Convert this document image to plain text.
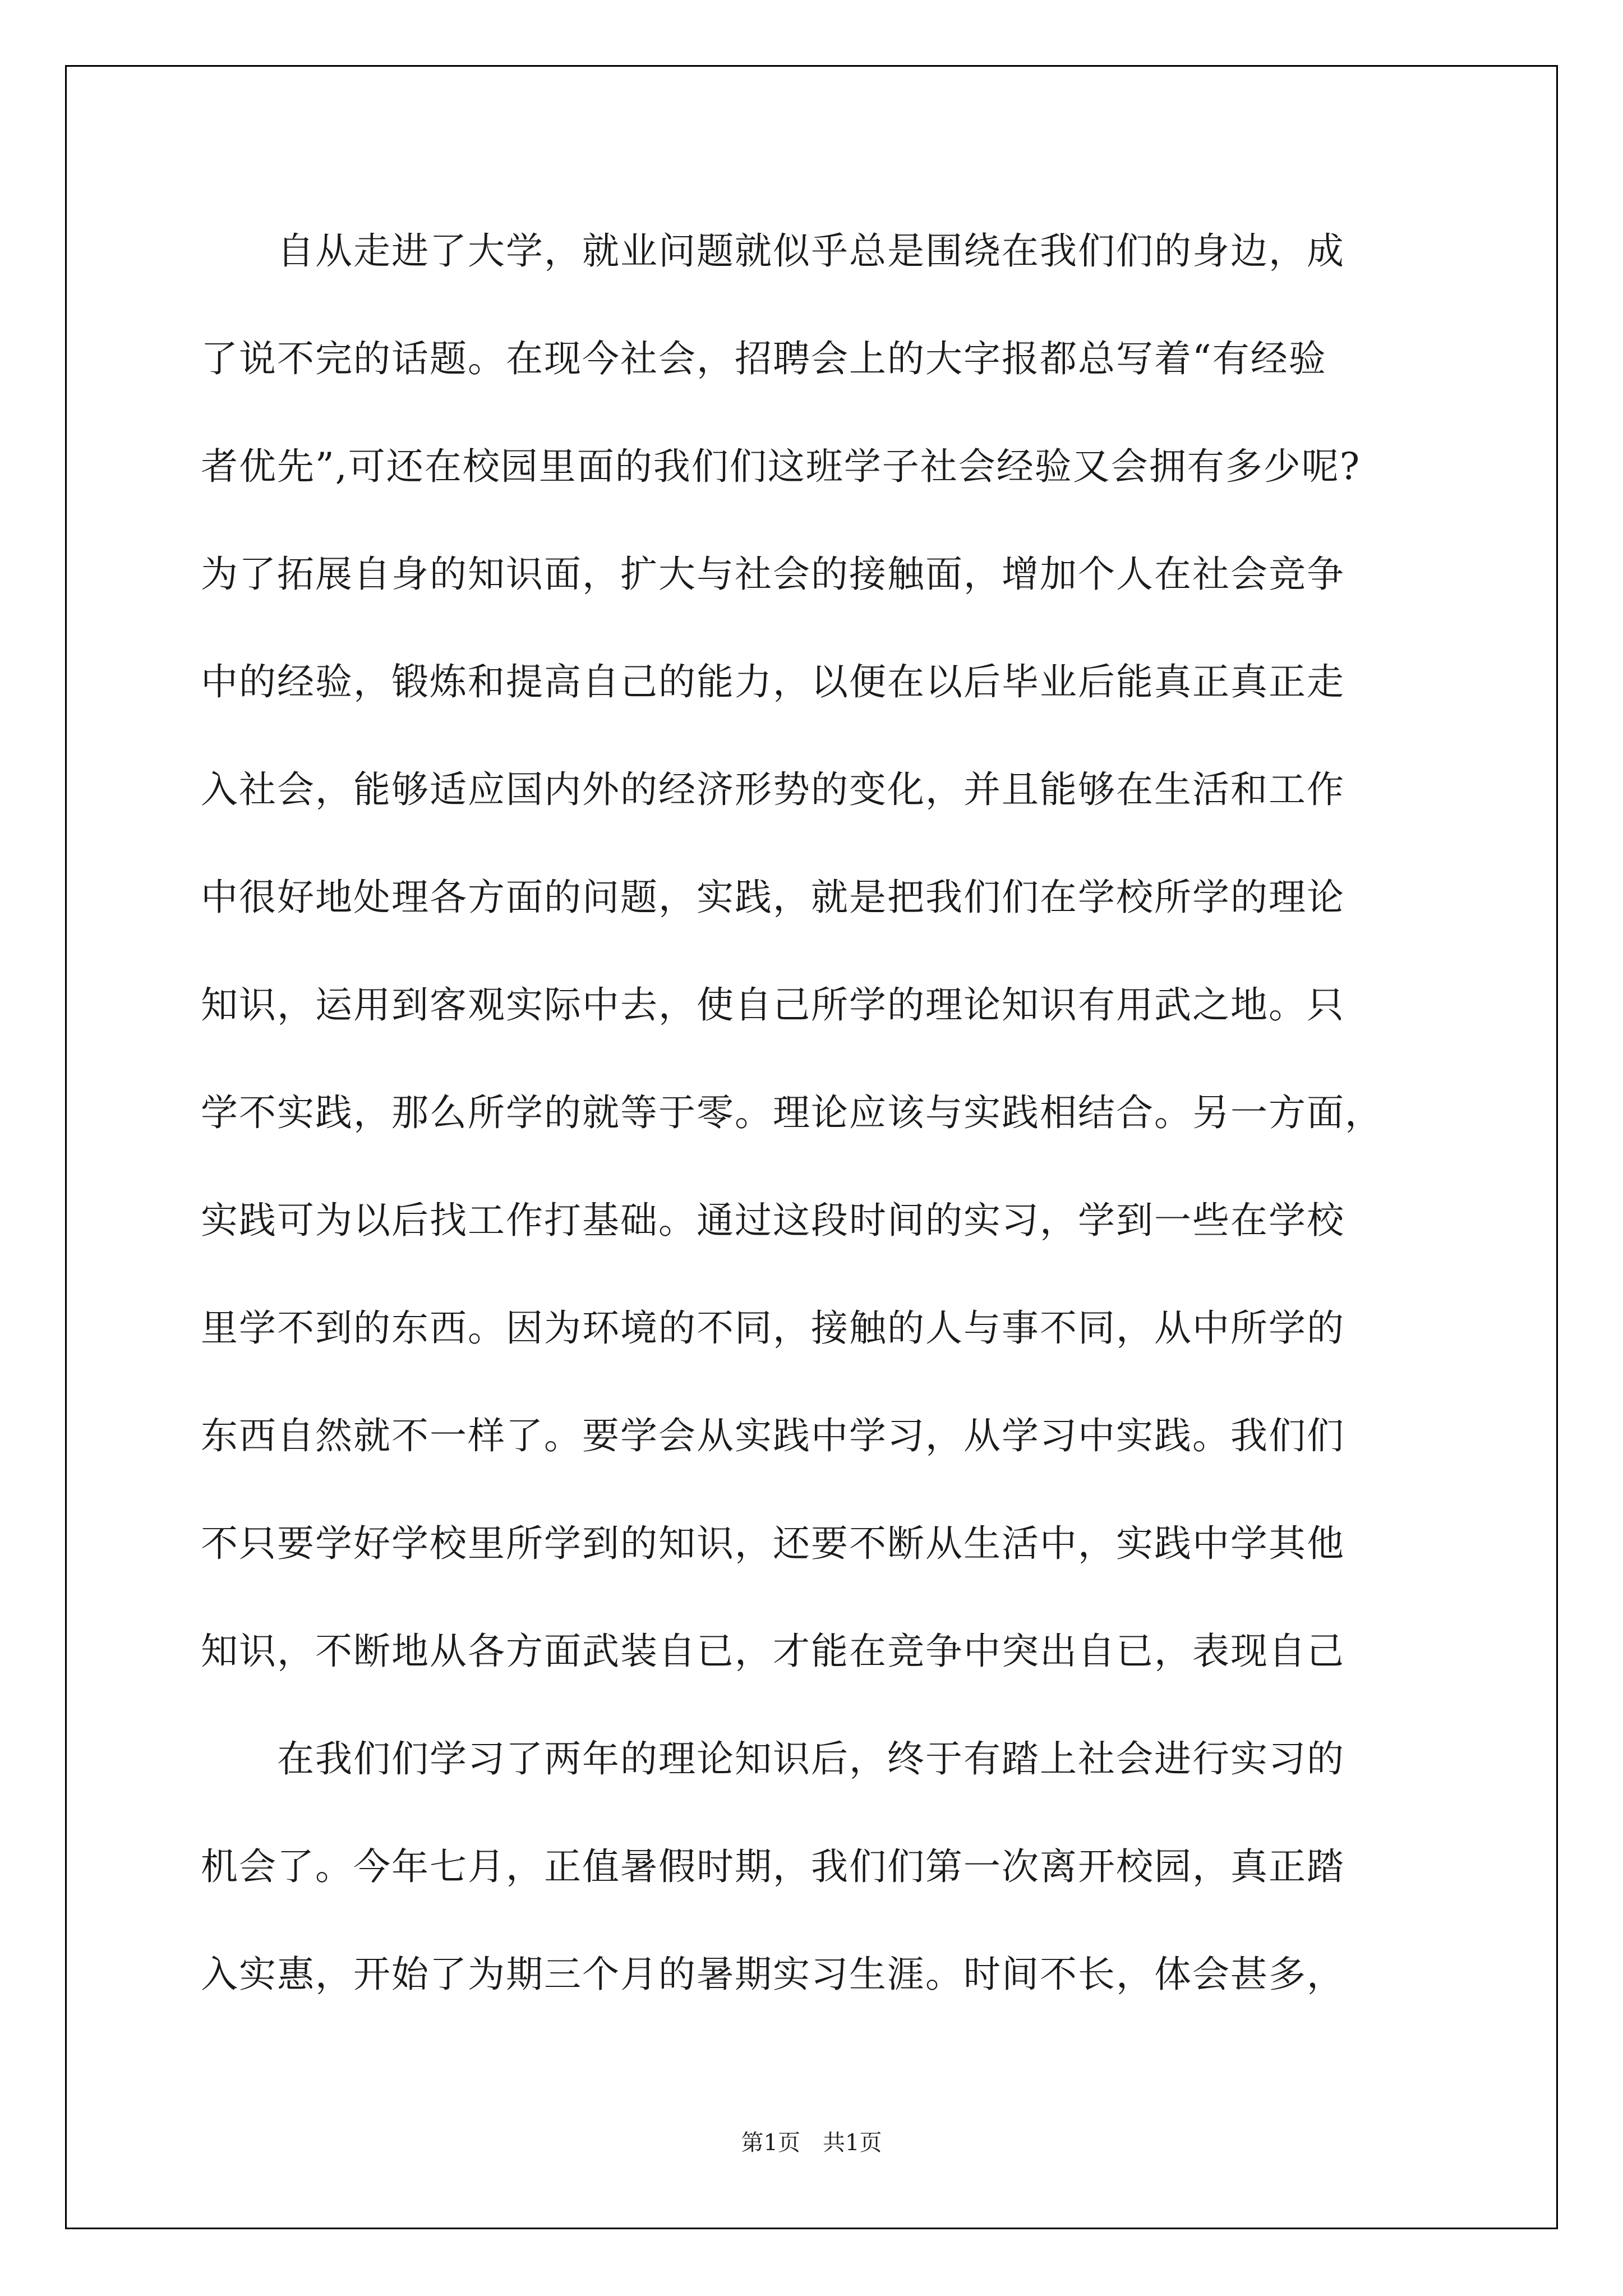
自从走进了大学，就业问题就似乎总是围绕在我们们的身边，成
了说不完的话题。在现今社会，招聘会上的大字报都总写着“有经验
者优先”,可还在校园里面的我们们这班学子社会经验又会拥有多少呢?
为了拓展自身的知识面，扩大与社会的接触面，增加个人在社会竞争
中的经验，锻炼和提高自己的能力，以便在以后毕业后能真正真正走
入社会，能够适应国内外的经济形势的变化，并且能够在生活和工作
中很好地处理各方面的问题，实践，就是把我们们在学校所学的理论
知识，运用到客观实际中去，使自己所学的理论知识有用武之地。只
学不实践，那么所学的就等于零。理论应该与实践相结合。另一方面，
实践可为以后找工作打基础。通过这段时间的实习，学到一些在学校
里学不到的东西。因为环境的不同，接触的人与事不同，从中所学的
东西自然就不一样了。要学会从实践中学习，从学习中实践。我们们
不只要学好学校里所学到的知识，还要不断从生活中，实践中学其他
知识，不断地从各方面武装自已，才能在竞争中突出自已，表现自己
在我们们学习了两年的理论知识后，终于有踏上社会进行实习的
机会了。今年七月，正值暑假时期，我们们第一次离开校园，真正踏
入实惠，开始了为期三个月的暑期实习生涯。时间不长，体会甚多，
第1页 共1页
